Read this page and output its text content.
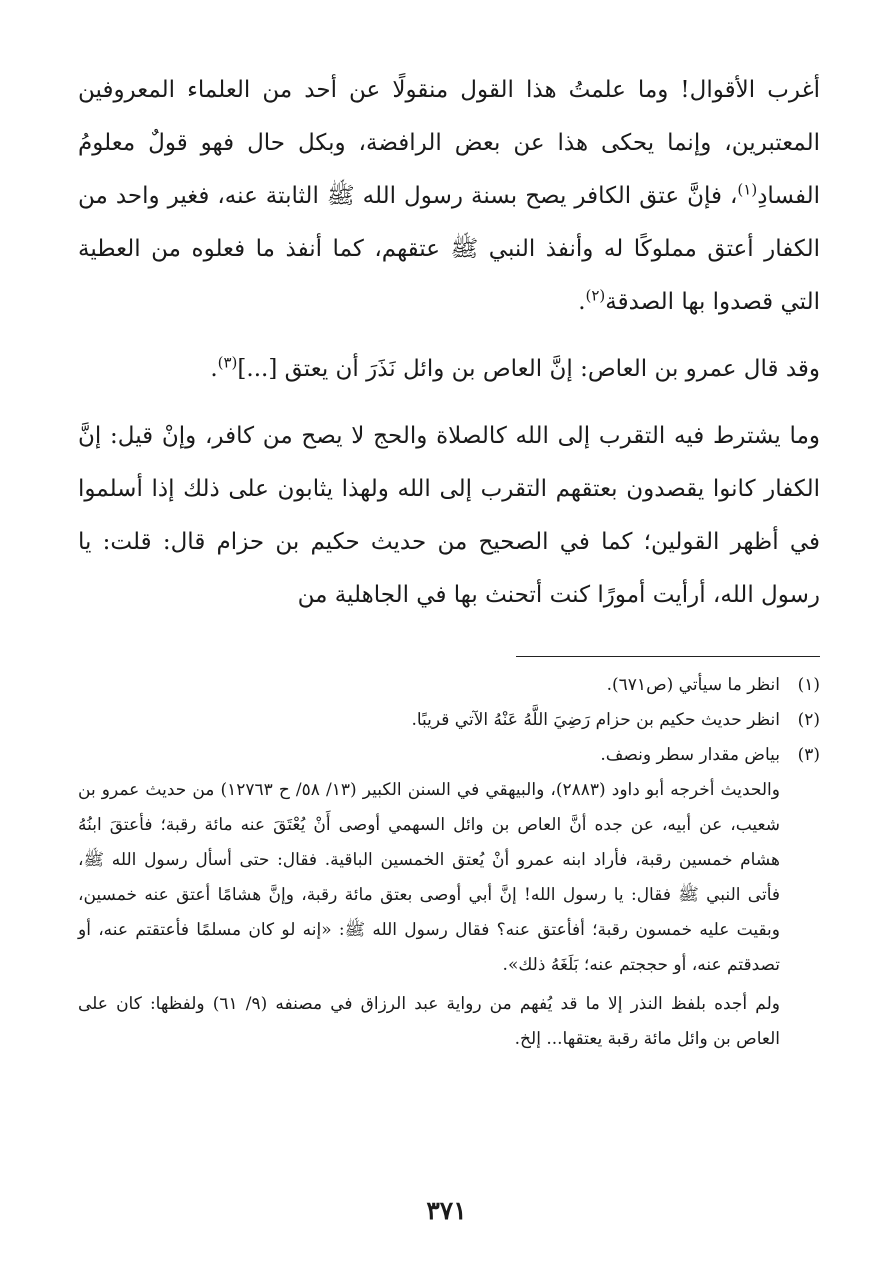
أغرب الأقوال! وما علمتُ هذا القول منقولًا عن أحد من العلماء المعروفين المعتبرين، وإنما يحكى هذا عن بعض الرافضة، وبكل حال فهو قولٌ معلومُ الفسادِ$^{(١)}$، فإنَّ عتق الكافر يصح بسنة رسول الله ﷺ الثابتة عنه، فغير واحد من الكفار أعتق مملوكًا له وأنفذ النبي ﷺ عتقهم، كما أنفذ ما فعلوه من العطية التي قصدوا بها الصدقة$^{(٢)}$.

وقد قال عمرو بن العاص: إنَّ العاص بن وائل نَذَرَ أن يعتق [...]$^{(٣)}$.

وما يشترط فيه التقرب إلى الله كالصلاة والحج لا يصح من كافر، وإنْ قيل: إنَّ الكفار كانوا يقصدون بعتقهم التقرب إلى الله ولهذا يثابون على ذلك إذا أسلموا في أظهر القولين؛ كما في الصحيح من حديث حكيم بن حزام قال: قلت: يا رسول الله، أرأيت أمورًا كنت أتحنث بها في الجاهلية من

(١)انظر ما سيأتي (ص٦٧١).

(٢)انظر حديث حكيم بن حزام رَضِيَ اللَّهُ عَنْهُ الآتي قريبًا.

(٣)بياض مقدار سطر ونصف.

والحديث أخرجه أبو داود (٢٨٨٣)، والبيهقي في السنن الكبير (١٣/ ٥٨/ ح ١٢٧٦٣) من حديث عمرو بن شعيب، عن أبيه، عن جده أنَّ العاص بن وائل السهمي أوصى أَنْ يُعْتَقَ عنه مائة رقبة؛ فأعتقَ ابنُهُ هشام خمسين رقبة، فأراد ابنه عمرو أنْ يُعتق الخمسين الباقية. فقال: حتى أسأل رسول الله ﷺ، فأتى النبي ﷺ فقال: يا رسول الله! إنَّ أبي أوصى بعتق مائة رقبة، وإنَّ هشامًا أعتق عنه خمسين، وبقيت عليه خمسون رقبة؛ أفأعتق عنه؟ فقال رسول الله ﷺ: «إنه لو كان مسلمًا فأعتقتم عنه، أو تصدقتم عنه، أو حججتم عنه؛ بَلَغَهُ ذلك».

ولم أجده بلفظ النذر إلا ما قد يُفهم من رواية عبد الرزاق في مصنفه (٩/ ٦١) ولفظها: كان على العاص بن وائل مائة رقبة يعتقها... إلخ.

٣٧١
